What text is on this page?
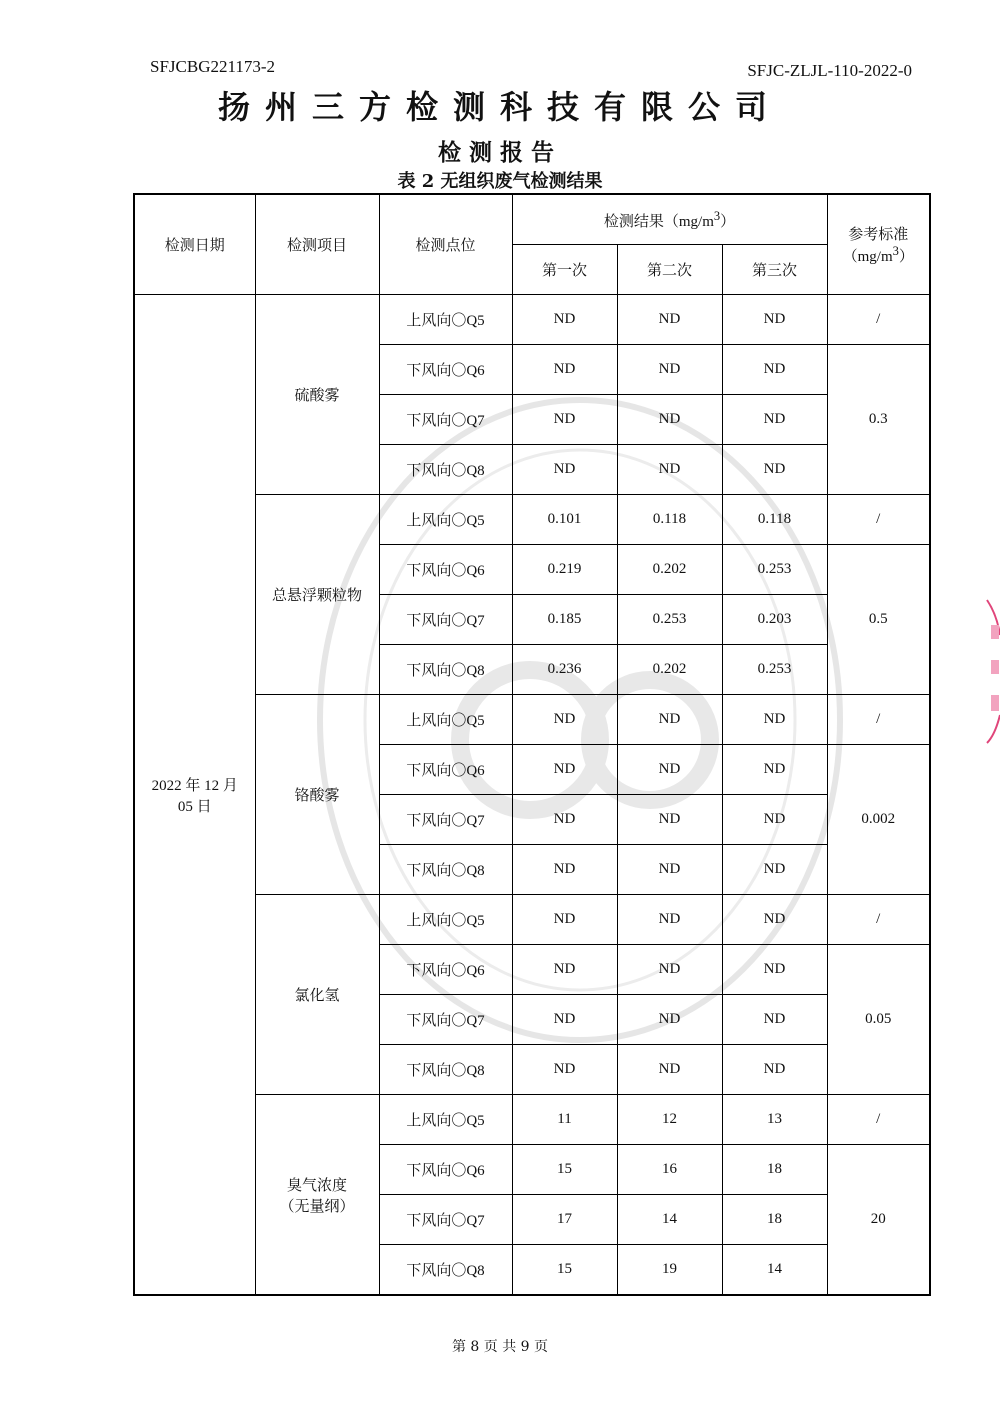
SFJCBG221173-2	SFJC-ZLJL-110-2022-0
扬州三方检测科技有限公司
检测报告
表 2 无组织废气检测结果
检测日期	检测项目	检测点位	检测结果$(mg/m^3)$			参考标准
$(mg/m^3)$

			第一次	第二次	第三次	

2022 年 12 月
05 日	硫酸雾	上风向〇Q5	ND	ND	ND	/
		下风向〇Q6	ND	ND	ND	0.3
		下风向〇Q7	ND	ND	ND	
		下风向〇Q8	ND	ND	ND	
	总悬浮颗粒物	上风向〇Q5	0.101	0.118	0.118	/
		下风向〇Q6	0.219	0.202	0.253	0.5
		下风向〇Q7	0.185	0.253	0.203	
		下风向〇Q8	0.236	0.202	0.253	
	铬酸雾	上风向〇Q5	ND	ND	ND	/
		下风向〇Q6	ND	ND	ND	0.002
		下风向〇Q7	ND	ND	ND	
		下风向〇Q8	ND	ND	ND	
	氯化氢	上风向〇Q5	ND	ND	ND	/
		下风向〇Q6	ND	ND	ND	0.05
		下风向〇Q7	ND	ND	ND	
		下风向〇Q8	ND	ND	ND	

	臭气浓度
（无量纲）	上风向〇Q5	11	12	13	/
		下风向〇Q6	15	16	18	20
		下风向〇Q7	17	14	18	
		下风向〇Q8	15	19	14	
第 8 页 共 9 页
